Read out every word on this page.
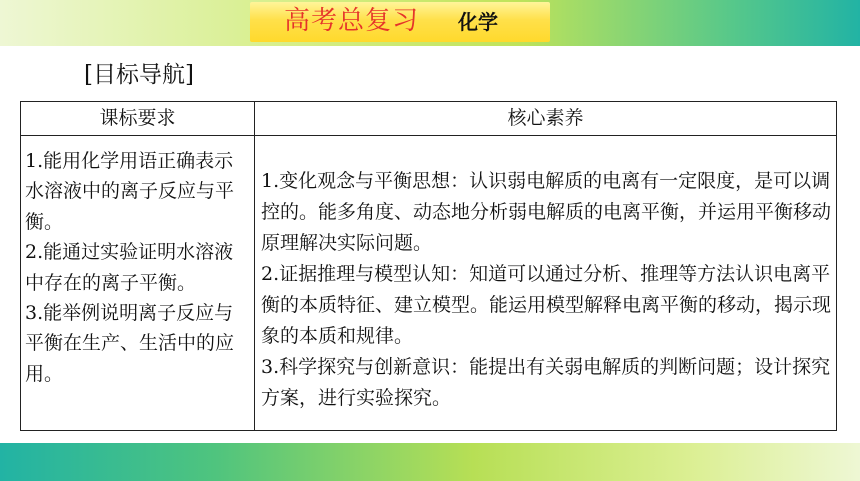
高考总复习 化学
[目标导航]
课标要求	核心素养

1.能用化学用语正确表示水溶液中的离子反应与平衡。

2.能通过实验证明水溶液中存在的离子平衡。

3.能举例说明离子反应与平衡在生产、生活中的应用。

1.变化观念与平衡思想：认识弱电解质的电离有一定限度，是可以调控的。能多角度、动态地分析弱电解质的电离平衡，并运用平衡移动原理解决实际问题。

2.证据推理与模型认知：知道可以通过分析、推理等方法认识电离平衡的本质特征、建立模型。能运用模型解释电离平衡的移动，揭示现象的本质和规律。

3.科学探究与创新意识：能提出有关弱电解质的判断问题；设计探究方案，进行实验探究。
